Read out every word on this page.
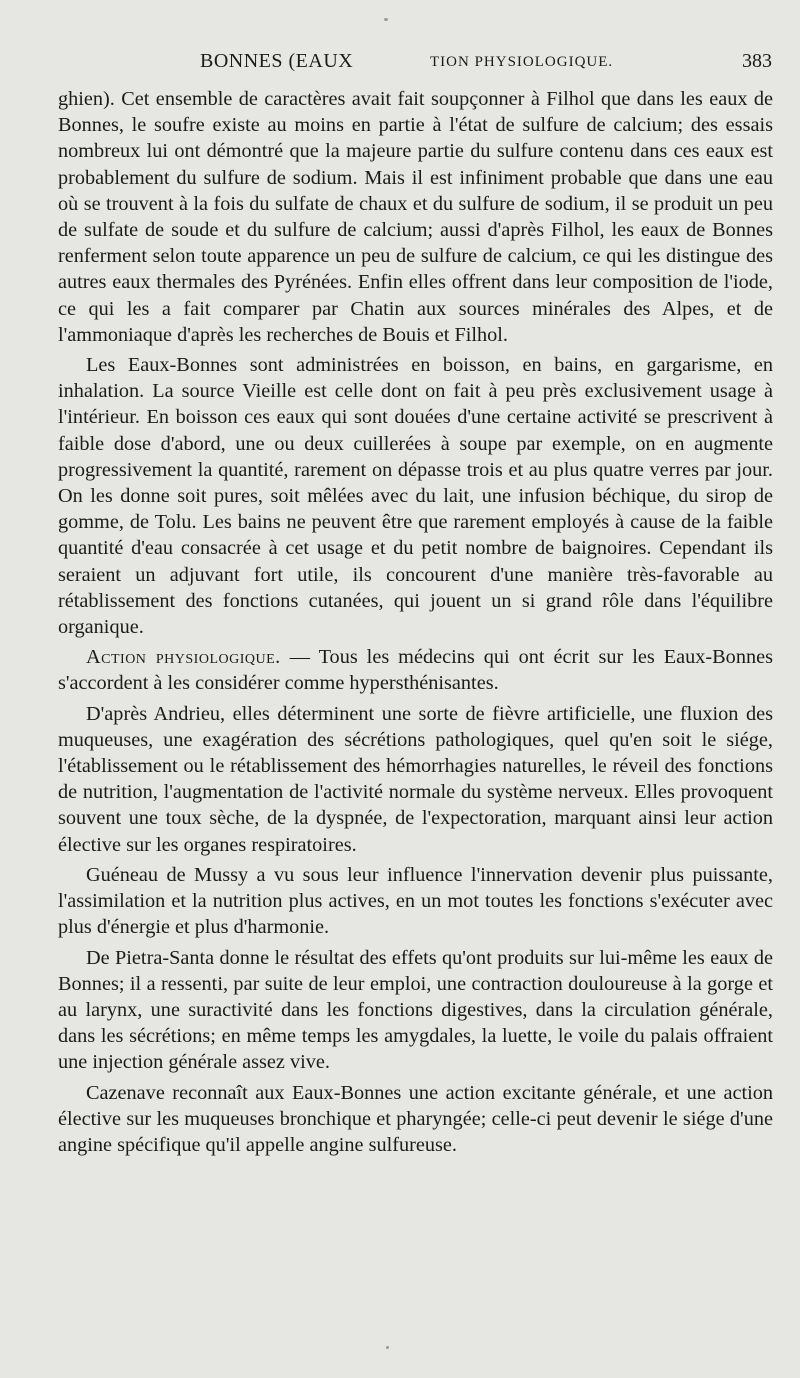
BONNES (EAUX	TION PHYSIOLOGIQUE.	383

ghien). Cet ensemble de caractères avait fait soupçonner à Filhol que dans les eaux de Bonnes, le soufre existe au moins en partie à l'état de sulfure de calcium; des essais nombreux lui ont démontré que la majeure partie du sulfure contenu dans ces eaux est probablement du sulfure de sodium. Mais il est infiniment probable que dans une eau où se trouvent à la fois du sulfate de chaux et du sulfure de sodium, il se produit un peu de sulfate de soude et du sulfure de calcium; aussi d'après Filhol, les eaux de Bonnes renferment selon toute apparence un peu de sulfure de calcium, ce qui les distingue des autres eaux thermales des Pyrénées. Enfin elles offrent dans leur composition de l'iode, ce qui les a fait comparer par Chatin aux sources minérales des Alpes, et de l'ammoniaque d'après les recherches de Bouis et Filhol.

Les Eaux-Bonnes sont administrées en boisson, en bains, en gargarisme, en inhalation. La source Vieille est celle dont on fait à peu près exclusivement usage à l'intérieur. En boisson ces eaux qui sont douées d'une certaine activité se prescrivent à faible dose d'abord, une ou deux cuillerées à soupe par exemple, on en augmente progressivement la quantité, rarement on dépasse trois et au plus quatre verres par jour. On les donne soit pures, soit mêlées avec du lait, une infusion béchique, du sirop de gomme, de Tolu. Les bains ne peuvent être que rarement employés à cause de la faible quantité d'eau consacrée à cet usage et du petit nombre de baignoires. Cependant ils seraient un adjuvant fort utile, ils concourent d'une manière très-favorable au rétablissement des fonctions cutanées, qui jouent un si grand rôle dans l'équilibre organique.

Action physiologique. — Tous les médecins qui ont écrit sur les Eaux-Bonnes s'accordent à les considérer comme hypersthénisantes.

D'après Andrieu, elles déterminent une sorte de fièvre artificielle, une fluxion des muqueuses, une exagération des sécrétions pathologiques, quel qu'en soit le siége, l'établissement ou le rétablissement des hémorrhagies naturelles, le réveil des fonctions de nutrition, l'augmentation de l'activité normale du système nerveux. Elles provoquent souvent une toux sèche, de la dyspnée, de l'expectoration, marquant ainsi leur action élective sur les organes respiratoires.

Guéneau de Mussy a vu sous leur influence l'innervation devenir plus puissante, l'assimilation et la nutrition plus actives, en un mot toutes les fonctions s'exécuter avec plus d'énergie et plus d'harmonie.

De Pietra-Santa donne le résultat des effets qu'ont produits sur lui-même les eaux de Bonnes; il a ressenti, par suite de leur emploi, une contraction douloureuse à la gorge et au larynx, une suractivité dans les fonctions digestives, dans la circulation générale, dans les sécrétions; en même temps les amygdales, la luette, le voile du palais offraient une injection générale assez vive.

Cazenave reconnaît aux Eaux-Bonnes une action excitante générale, et une action élective sur les muqueuses bronchique et pharyngée; celle-ci peut devenir le siége d'une angine spécifique qu'il appelle angine sulfureuse.
